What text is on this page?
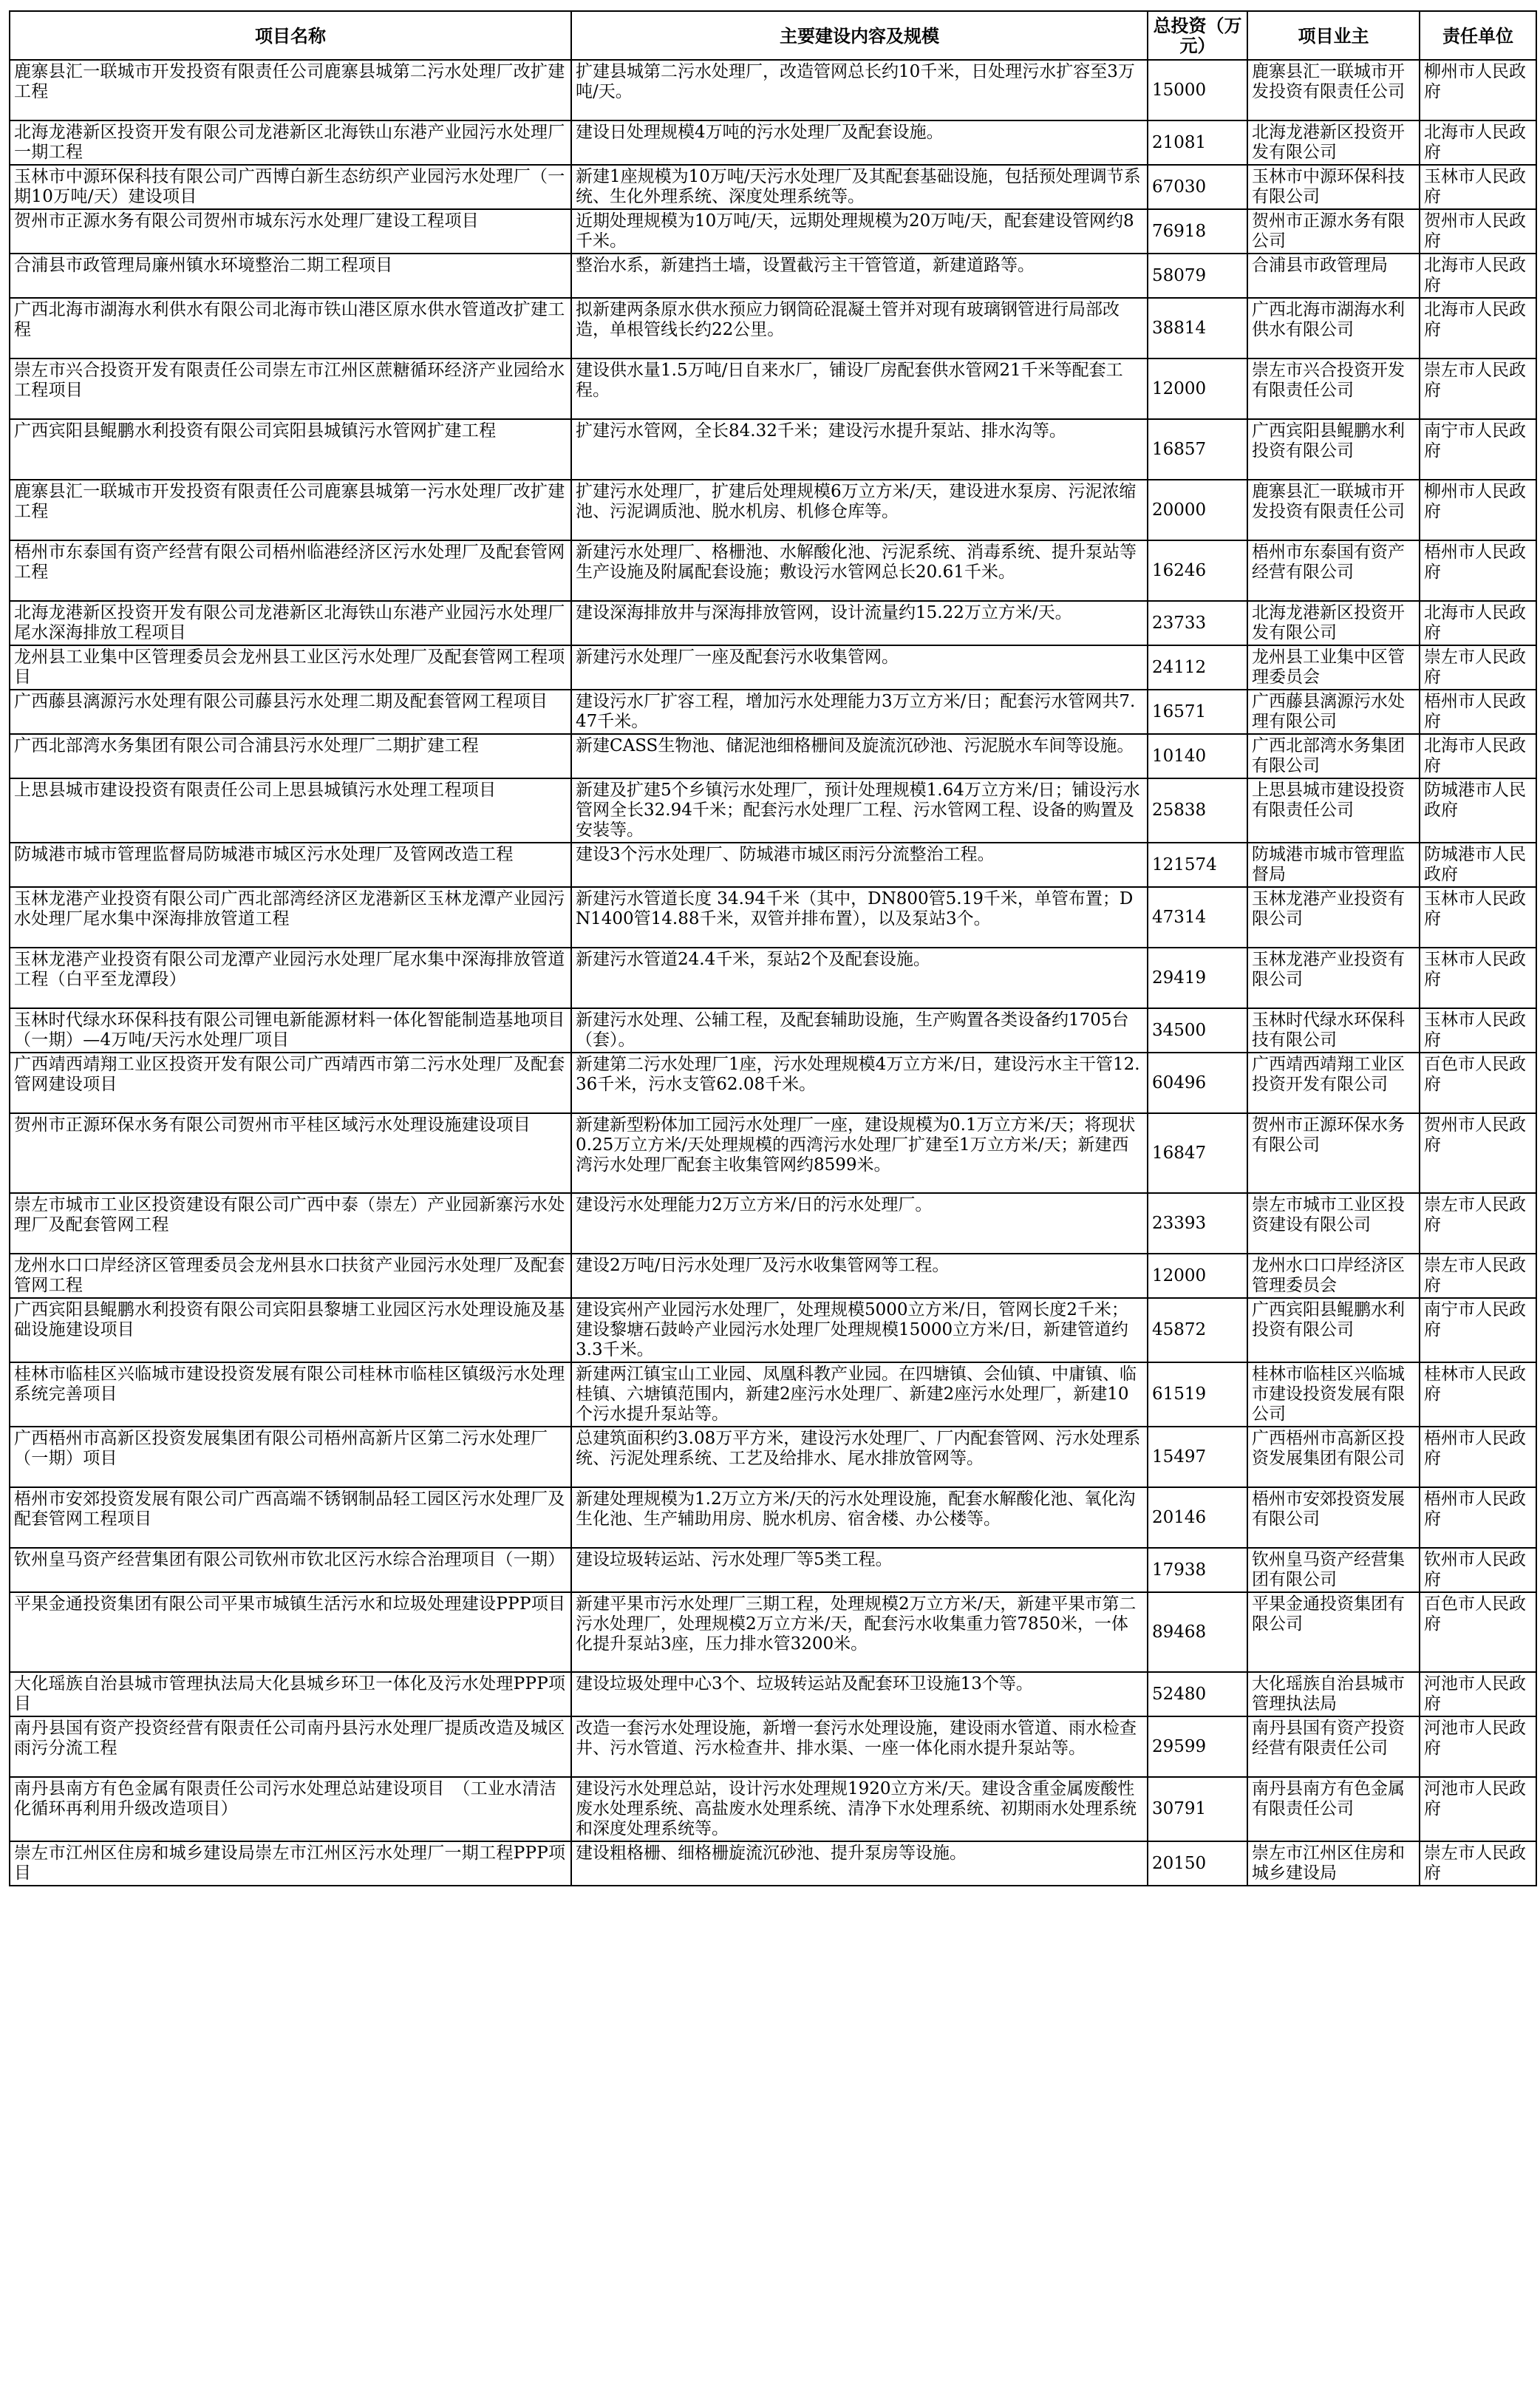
项目名称	主要建设内容及规模	总投资（万元）	项目业主	责任单位
鹿寨县汇一联城市开发投资有限责任公司鹿寨县城第二污水处理厂改扩建工程	扩建县城第二污水处理厂，改造管网总长约10千米，日处理污水扩容至3万吨/天。	15000	鹿寨县汇一联城市开发投资有限责任公司	柳州市人民政府
北海龙港新区投资开发有限公司龙港新区北海铁山东港产业园污水处理厂一期工程	建设日处理规模4万吨的污水处理厂及配套设施。	21081	北海龙港新区投资开发有限公司	北海市人民政府
玉林市中源环保科技有限公司广西博白新生态纺织产业园污水处理厂（一期10万吨/天）建设项目	新建1座规模为10万吨/天污水处理厂及其配套基础设施，包括预处理调节系统、生化外理系统、深度处理系统等。	67030	玉林市中源环保科技有限公司	玉林市人民政府
贺州市正源水务有限公司贺州市城东污水处理厂建设工程项目	近期处理规模为10万吨/天，远期处理规模为20万吨/天，配套建设管网约8千米。	76918	贺州市正源水务有限公司	贺州市人民政府
合浦县市政管理局廉州镇水环境整治二期工程项目	整治水系，新建挡土墙，设置截污主干管管道，新建道路等。	58079	合浦县市政管理局	北海市人民政府
广西北海市湖海水利供水有限公司北海市铁山港区原水供水管道改扩建工程	拟新建两条原水供水预应力钢筒砼混凝土管并对现有玻璃钢管进行局部改造，单根管线长约22公里。	38814	广西北海市湖海水利供水有限公司	北海市人民政府
崇左市兴合投资开发有限责任公司崇左市江州区蔗糖循环经济产业园给水工程项目	建设供水量1.5万吨/日自来水厂，铺设厂房配套供水管网21千米等配套工程。	12000	崇左市兴合投资开发有限责任公司	崇左市人民政府
广西宾阳县鲲鹏水利投资有限公司宾阳县城镇污水管网扩建工程	扩建污水管网，全长84.32千米；建设污水提升泵站、排水沟等。	16857	广西宾阳县鲲鹏水利投资有限公司	南宁市人民政府
鹿寨县汇一联城市开发投资有限责任公司鹿寨县城第一污水处理厂改扩建工程	扩建污水处理厂，扩建后处理规模6万立方米/天，建设进水泵房、污泥浓缩池、污泥调质池、脱水机房、机修仓库等。	20000	鹿寨县汇一联城市开发投资有限责任公司	柳州市人民政府
梧州市东泰国有资产经营有限公司梧州临港经济区污水处理厂及配套管网工程	新建污水处理厂、格栅池、水解酸化池、污泥系统、消毒系统、提升泵站等生产设施及附属配套设施；敷设污水管网总长20.61千米。	16246	梧州市东泰国有资产经营有限公司	梧州市人民政府
北海龙港新区投资开发有限公司龙港新区北海铁山东港产业园污水处理厂尾水深海排放工程项目	建设深海排放井与深海排放管网，设计流量约15.22万立方米/天。	23733	北海龙港新区投资开发有限公司	北海市人民政府
龙州县工业集中区管理委员会龙州县工业区污水处理厂及配套管网工程项目	新建污水处理厂一座及配套污水收集管网。	24112	龙州县工业集中区管理委员会	崇左市人民政府
广西藤县漓源污水处理有限公司藤县污水处理二期及配套管网工程项目	建设污水厂扩容工程，增加污水处理能力3万立方米/日；配套污水管网共7.47千米。	16571	广西藤县漓源污水处理有限公司	梧州市人民政府
广西北部湾水务集团有限公司合浦县污水处理厂二期扩建工程	新建CASS生物池、储泥池细格栅间及旋流沉砂池、污泥脱水车间等设施。	10140	广西北部湾水务集团有限公司	北海市人民政府
上思县城市建设投资有限责任公司上思县城镇污水处理工程项目	新建及扩建5个乡镇污水处理厂，预计处理规模1.64万立方米/日；铺设污水管网全长32.94千米；配套污水处理厂工程、污水管网工程、设备的购置及安装等。	25838	上思县城市建设投资有限责任公司	防城港市人民政府
防城港市城市管理监督局防城港市城区污水处理厂及管网改造工程	建设3个污水处理厂、防城港市城区雨污分流整治工程。	121574	防城港市城市管理监督局	防城港市人民政府
玉林龙港产业投资有限公司广西北部湾经济区龙港新区玉林龙潭产业园污水处理厂尾水集中深海排放管道工程	新建污水管道长度 34.94千米（其中，DN800管5.19千米，单管布置；DN1400管14.88千米，双管并排布置），以及泵站3个。	47314	玉林龙港产业投资有限公司	玉林市人民政府
玉林龙港产业投资有限公司龙潭产业园污水处理厂尾水集中深海排放管道工程（白平至龙潭段）	新建污水管道24.4千米，泵站2个及配套设施。	29419	玉林龙港产业投资有限公司	玉林市人民政府
玉林时代绿水环保科技有限公司锂电新能源材料一体化智能制造基地项目（一期）—4万吨/天污水处理厂项目	新建污水处理、公辅工程，及配套辅助设施，生产购置各类设备约1705台（套）。	34500	玉林时代绿水环保科技有限公司	玉林市人民政府
广西靖西靖翔工业区投资开发有限公司广西靖西市第二污水处理厂及配套管网建设项目	新建第二污水处理厂1座，污水处理规模4万立方米/日，建设污水主干管12.36千米，污水支管62.08千米。	60496	广西靖西靖翔工业区投资开发有限公司	百色市人民政府
贺州市正源环保水务有限公司贺州市平桂区域污水处理设施建设项目	新建新型粉体加工园污水处理厂一座，建设规模为0.1万立方米/天；将现状0.25万立方米/天处理规模的西湾污水处理厂扩建至1万立方米/天；新建西湾污水处理厂配套主收集管网约8599米。	16847	贺州市正源环保水务有限公司	贺州市人民政府
崇左市城市工业区投资建设有限公司广西中泰（崇左）产业园新寨污水处理厂及配套管网工程	建设污水处理能力2万立方米/日的污水处理厂。	23393	崇左市城市工业区投资建设有限公司	崇左市人民政府
龙州水口口岸经济区管理委员会龙州县水口扶贫产业园污水处理厂及配套管网工程	建设2万吨/日污水处理厂及污水收集管网等工程。	12000	龙州水口口岸经济区管理委员会	崇左市人民政府
广西宾阳县鲲鹏水利投资有限公司宾阳县黎塘工业园区污水处理设施及基础设施建设项目	建设宾州产业园污水处理厂，处理规模5000立方米/日，管网长度2千米；建设黎塘石鼓岭产业园污水处理厂处理规模15000立方米/日，新建管道约3.3千米。	45872	广西宾阳县鲲鹏水利投资有限公司	南宁市人民政府
桂林市临桂区兴临城市建设投资发展有限公司桂林市临桂区镇级污水处理系统完善项目	新建两江镇宝山工业园、凤凰科教产业园。在四塘镇、会仙镇、中庸镇、临桂镇、六塘镇范围内，新建2座污水处理厂、新建2座污水处理厂，新建10个污水提升泵站等。	61519	桂林市临桂区兴临城市建设投资发展有限公司	桂林市人民政府
广西梧州市高新区投资发展集团有限公司梧州高新片区第二污水处理厂（一期）项目	总建筑面积约3.08万平方米，建设污水处理厂、厂内配套管网、污水处理系统、污泥处理系统、工艺及给排水、尾水排放管网等。	15497	广西梧州市高新区投资发展集团有限公司	梧州市人民政府
梧州市安郊投资发展有限公司广西高端不锈钢制品轻工园区污水处理厂及配套管网工程项目	新建处理规模为1.2万立方米/天的污水处理设施，配套水解酸化池、氧化沟生化池、生产辅助用房、脱水机房、宿舍楼、办公楼等。	20146	梧州市安郊投资发展有限公司	梧州市人民政府
钦州皇马资产经营集团有限公司钦州市钦北区污水综合治理项目（一期）	建设垃圾转运站、污水处理厂等5类工程。	17938	钦州皇马资产经营集团有限公司	钦州市人民政府
平果金通投资集团有限公司平果市城镇生活污水和垃圾处理建设PPP项目	新建平果市污水处理厂三期工程，处理规模2万立方米/天，新建平果市第二污水处理厂，处理规模2万立方米/天，配套污水收集重力管7850米，一体化提升泵站3座，压力排水管3200米。	89468	平果金通投资集团有限公司	百色市人民政府
大化瑶族自治县城市管理执法局大化县城乡环卫一体化及污水处理PPP项目	建设垃圾处理中心3个、垃圾转运站及配套环卫设施13个等。	52480	大化瑶族自治县城市管理执法局	河池市人民政府
南丹县国有资产投资经营有限责任公司南丹县污水处理厂提质改造及城区雨污分流工程	改造一套污水处理设施，新增一套污水处理设施，建设雨水管道、雨水检查井、污水管道、污水检查井、排水渠、一座一体化雨水提升泵站等。	29599	南丹县国有资产投资经营有限责任公司	河池市人民政府
南丹县南方有色金属有限责任公司污水处理总站建设项目　（工业水清洁化循环再利用升级改造项目）	建设污水处理总站，设计污水处理规1920立方米/天。建设含重金属废酸性废水处理系统、高盐废水处理系统、清净下水处理系统、初期雨水处理系统和深度处理系统等。	30791	南丹县南方有色金属有限责任公司	河池市人民政府
崇左市江州区住房和城乡建设局崇左市江州区污水处理厂一期工程PPP项目	建设粗格栅、细格栅旋流沉砂池、提升泵房等设施。	20150	崇左市江州区住房和城乡建设局	崇左市人民政府
